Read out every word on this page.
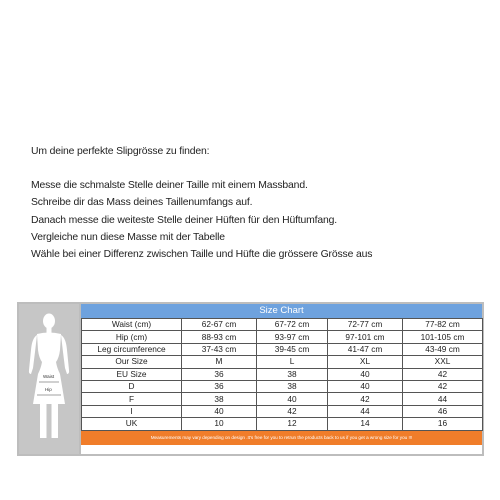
Um deine perfekte Slipgrösse zu finden:

Messe die schmalste Stelle deiner Taille mit einem Massband.

Schreibe dir das Mass deines Taillenumfangs auf.

Danach messe die weiteste Stelle deiner Hüften für den Hüftumfang.

Vergleiche nun diese Masse mit der Tabelle

Wähle bei einer Differenz zwischen Taille und Hüfte die grössere Grösse aus

Waist
Hip
Size Chart
Waist (cm)	62-67 cm	67-72 cm	72-77 cm	77-82 cm
Hip (cm)	88-93 cm	93-97 cm	97-101 cm	101-105 cm
Leg circumference	37-43 cm	39-45 cm	41-47 cm	43-49 cm
Our Size	M	L	XL	XXL
EU Size	36	38	40	42
D	36	38	40	42
F	38	40	42	44
I	40	42	44	46
UK	10	12	14	16
Measurements may vary depending on design .It's free for you to retrun the products back to us if you get a wrong size for you !!!
